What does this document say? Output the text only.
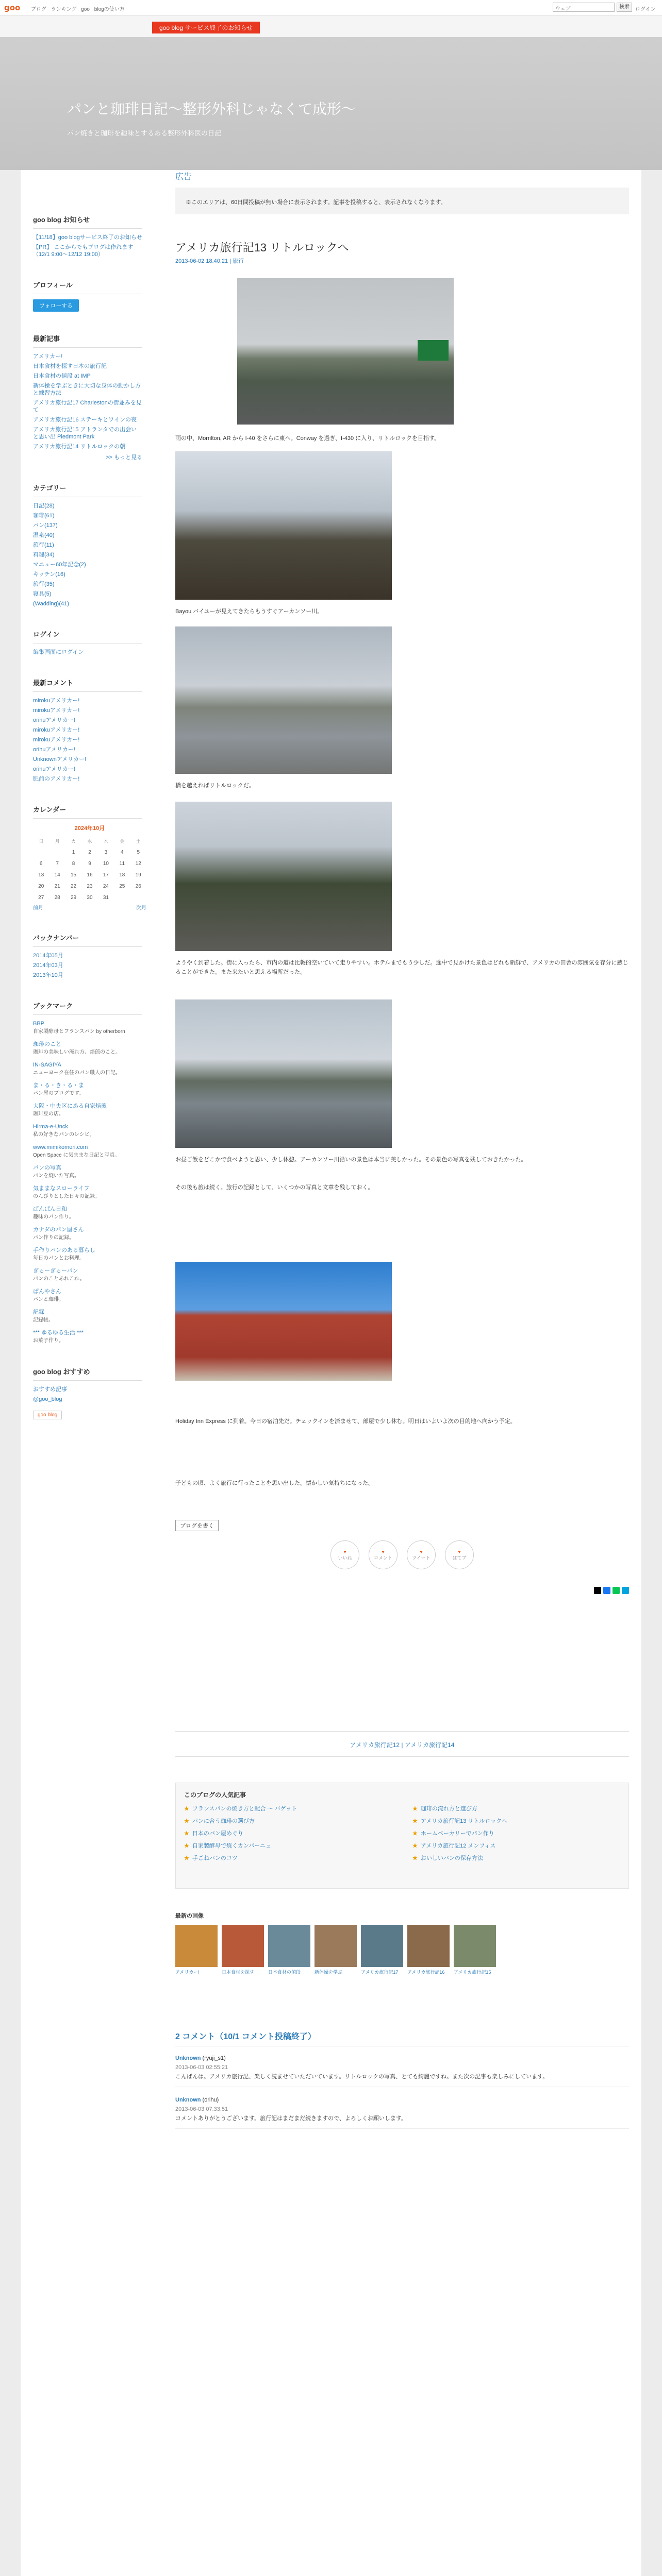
goo ブログ ランキング goo blogの使い方	ウェブ	検索	ログイン
goo blog サービス終了のお知らせ
パンと珈琲日記〜整形外科じゃなくて成形〜

パン焼きと珈琲を趣味とするある整形外科医の日記

goo blog お知らせ
【11/18】goo blogサービス終了のお知らせ
【PR】 ここからでもブログは作れます（12/1 9:00～12/12 19:00）
プロフィール
フォローする
最新記事
アメリカー!
日本食材を探す日本の旅行記
日本食材の値段 at IMP
新体操を学ぶときに大切な身体の動かし方と練習方法
アメリカ旅行記17 Charlestonの街並みを見て
アメリカ旅行記16 ステーキとワインの夜
アメリカ旅行記15 アトランタでの出会いと思い出 Piedmont Park
アメリカ旅行記14 リトルロックの朝
>> もっと見る
カテゴリー
日記(28)
珈琲(61)
パン(137)
温泉(40)
旅行(11)
料理(34)
マニュー60年記念(2)
キッチン(16)
旅行(35)
寝具(5)
(Wadding)(41)
ログイン
編集画面にログイン
最新コメント
mirokuアメリカー!
mirokuアメリカー!
orihuアメリカー!
mirokuアメリカー!
mirokuアメリカー!
orihuアメリカー!
Unknownアメリカー!
orihuアメリカー!
肥前のアメリカー!
カレンダー
2024年10月
日	月	火	水	木	金	土
		1	2	3	4	5
6	7	8	9	10	11	12
13	14	15	16	17	18	19
20	21	22	23	24	25	26
27	28	29	30	31		
前月	次月
バックナンバー
2014年05月
2014年03月
2013年10月
ブックマーク
BBP
自家製酵母とフランスパン by otherborn
珈琲のこと
珈琲の美味しい淹れ方、焙煎のこと。
IN-SAGIYA
ニューヨーク在住のパン職人の日記。
ま・る・き・る・ま
パン屋のブログです。
大阪・中央区にある自家焙煎
珈琲豆の店。
Hirma-e-Unck
私の好きなパンのレシピ。
www.mimikomori.com
Open Space に気ままな日記と写真。
パンの写真
パンを焼いた写真。
気ままなスローライフ
のんびりとした日々の記録。
ぱんぱん日和
趣味のパン作り。
カナダのパン屋さん
パン作りの記録。
手作りパンのある暮らし
毎日のパンとお料理。
ぎゅーぎゅーパン
パンのことあれこれ。
ぱんやさん
パンと珈琲。
記録
記録帳。
*** ゆるゆる生活 ***
お菓子作り。
goo blog おすすめ
おすすめ記事
@goo_blog
goo blog
広告
※このエリアは、60日間投稿が無い場合に表示されます。記事を投稿すると、表示されなくなります。
アメリカ旅行記13 リトルロックへ
2013-06-02 18:40:21 | 旅行
雨の中、Morrilton, AR から I-40 をさらに東へ。Conway を過ぎ、I-430 に入り、リトルロックを目指す。
Bayou バイユーが見えてきたらもうすぐアーカンソー川。
橋を越えればリトルロックだ。
ようやく到着した。街に入ったら、市内の道は比較的空いていて走りやすい。ホテルまでもう少しだ。途中で見かけた景色はどれも新鮮で、アメリカの田舎の雰囲気を存分に感じることができた。また来たいと思える場所だった。
お昼ご飯をどこかで食べようと思い、少し休憩。アーカンソー川沿いの景色は本当に美しかった。その景色の写真を残しておきたかった。
その後も旅は続く。旅行の記録として、いくつかの写真と文章を残しておく。
Holiday Inn Express に到着。今日の宿泊先だ。チェックインを済ませて、部屋で少し休む。明日はいよいよ次の目的地へ向かう予定。
子どもの頃、よく旅行に行ったことを思い出した。懐かしい気持ちになった。
ブログを書く
♥
いいね
♥
コメント
♥
ツイート
♥
はてブ
アメリカ旅行記12 | アメリカ旅行記14
このブログの人気記事
★ フランスパンの焼き方と配合 〜 バゲット	★ 珈琲の淹れ方と選び方
★ パンに合う珈琲の選び方	★ アメリカ旅行記13 リトルロックへ
★ 日本のパン屋めぐり	★ ホームベーカリーでパン作り
★ 自家製酵母で焼くカンパーニュ	★ アメリカ旅行記12 メンフィス
★ 手ごねパンのコツ	★ おいしいパンの保存方法
最新の画像

アメリカー!	日本食材を探す	日本食材の値段	新体操を学ぶ	アメリカ旅行記17	アメリカ旅行記16	アメリカ旅行記15

2 コメント（10/1 コメント投稿終了）
Unknown (ryuji_s1)
2013-06-03 02:55:21
こんばんは。アメリカ旅行記、楽しく読ませていただいています。リトルロックの写真、とても綺麗ですね。また次の記事も楽しみにしています。
Unknown (orihu)
2013-06-03 07:33:51
コメントありがとうございます。旅行記はまだまだ続きますので、よろしくお願いします。
